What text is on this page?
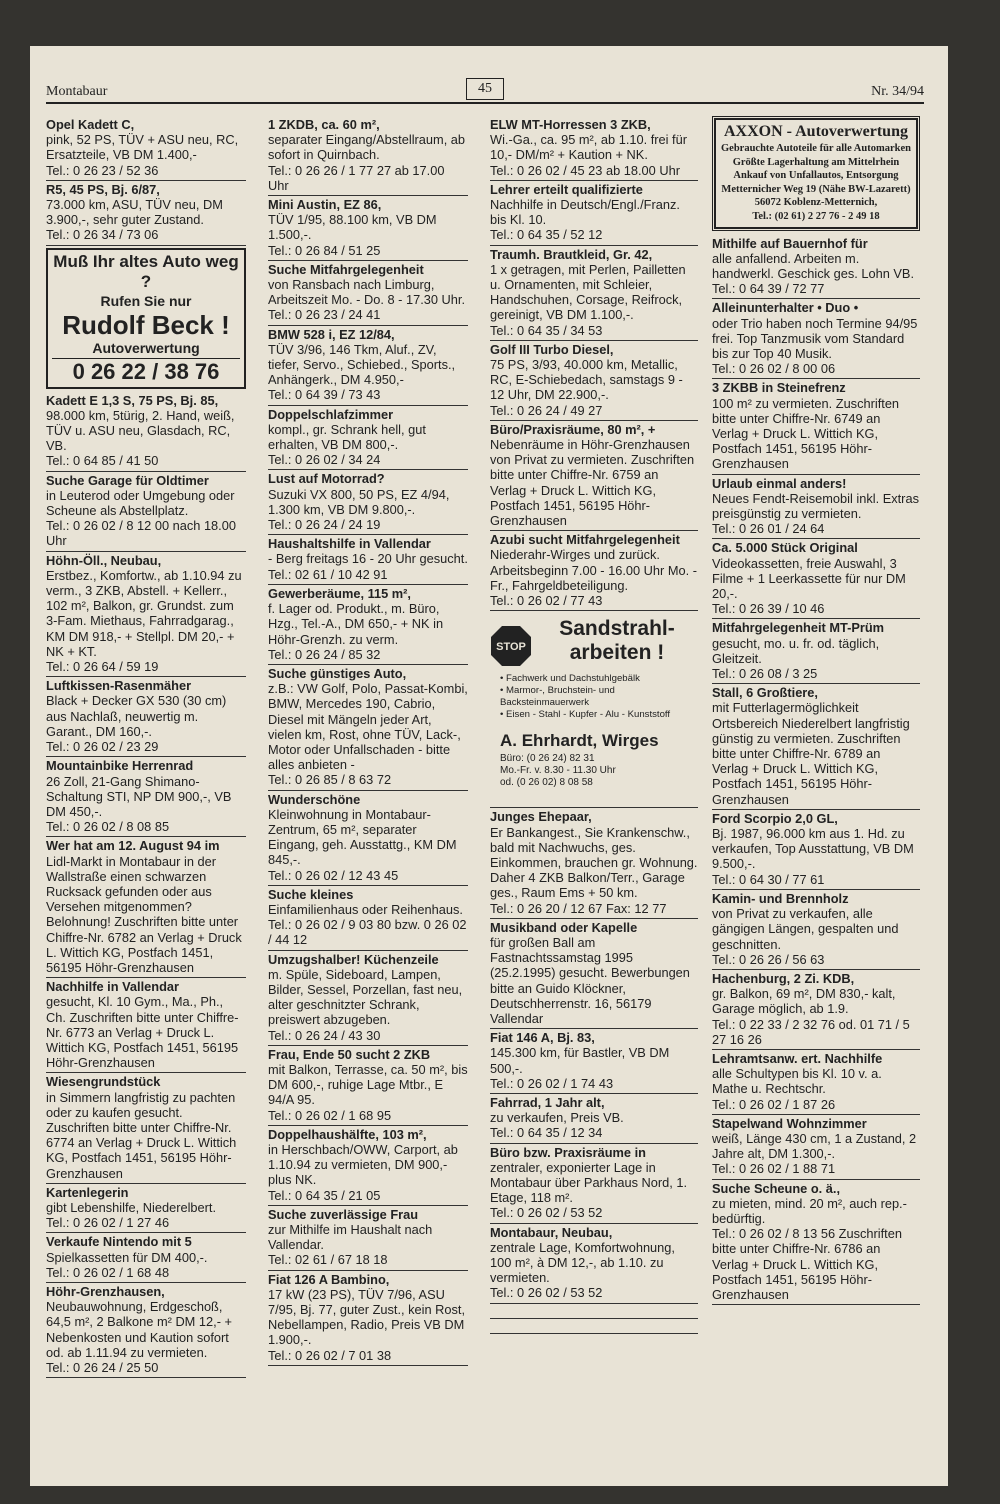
Montabaur	45	Nr. 34/94
Opel Kadett C,
pink, 52 PS, TÜV + ASU neu, RC, Ersatzteile, VB DM 1.400,-
Tel.: 0 26 23 / 52 36
R5, 45 PS, Bj. 6/87,
73.000 km, ASU, TÜV neu, DM 3.900,-, sehr guter Zustand.
Tel.: 0 26 34 / 73 06
Muß Ihr altes Auto weg ?
Rufen Sie nur
Rudolf Beck !
Autoverwertung
0 26 22 / 38 76
Kadett E 1,3 S, 75 PS, Bj. 85,
98.000 km, 5türig, 2. Hand, weiß, TÜV u. ASU neu, Glasdach, RC, VB.
Tel.: 0 64 85 / 41 50
Suche Garage für Oldtimer
in Leuterod oder Umgebung oder Scheune als Abstellplatz.
Tel.: 0 26 02 / 8 12 00 nach 18.00 Uhr
Höhn-Öll., Neubau,
Erstbez., Komfortw., ab 1.10.94 zu verm., 3 ZKB, Abstell. + Kellerr., 102 m², Balkon, gr. Grundst. zum 3-Fam. Miethaus, Fahrradgarag., KM DM 918,- + Stellpl. DM 20,- + NK + KT.
Tel.: 0 26 64 / 59 19
Luftkissen-Rasenmäher
Black + Decker GX 530 (30 cm) aus Nachlaß, neuwertig m. Garant., DM 160,-.
Tel.: 0 26 02 / 23 29
Mountainbike Herrenrad
26 Zoll, 21-Gang Shimano-Schaltung STI, NP DM 900,-, VB DM 450,-.
Tel.: 0 26 02 / 8 08 85
Wer hat am 12. August 94 im
Lidl-Markt in Montabaur in der Wallstraße einen schwarzen Rucksack gefunden oder aus Versehen mitgenommen? Belohnung! Zuschriften bitte unter Chiffre-Nr. 6782 an Verlag + Druck L. Wittich KG, Postfach 1451, 56195 Höhr-Grenzhausen
Nachhilfe in Vallendar
gesucht, Kl. 10 Gym., Ma., Ph., Ch. Zuschriften bitte unter Chiffre-Nr. 6773 an Verlag + Druck L. Wittich KG, Postfach 1451, 56195 Höhr-Grenzhausen
Wiesengrundstück
in Simmern langfristig zu pachten oder zu kaufen gesucht. Zuschriften bitte unter Chiffre-Nr. 6774 an Verlag + Druck L. Wittich KG, Postfach 1451, 56195 Höhr-Grenzhausen
Kartenlegerin
gibt Lebenshilfe, Niederelbert.
Tel.: 0 26 02 / 1 27 46
Verkaufe Nintendo mit 5
Spielkassetten für DM 400,-.
Tel.: 0 26 02 / 1 68 48
Höhr-Grenzhausen,
Neubauwohnung, Erdgeschoß, 64,5 m², 2 Balkone m² DM 12,- + Nebenkosten und Kaution sofort od. ab 1.11.94 zu vermieten.
Tel.: 0 26 24 / 25 50
1 ZKDB, ca. 60 m²,
separater Eingang/Abstellraum, ab sofort in Quirnbach.
Tel.: 0 26 26 / 1 77 27 ab 17.00 Uhr
Mini Austin, EZ 86,
TÜV 1/95, 88.100 km, VB DM 1.500,-.
Tel.: 0 26 84 / 51 25
Suche Mitfahrgelegenheit
von Ransbach nach Limburg, Arbeitszeit Mo. - Do. 8 - 17.30 Uhr.
Tel.: 0 26 23 / 24 41
BMW 528 i, EZ 12/84,
TÜV 3/96, 146 Tkm, Aluf., ZV, tiefer, Servo., Schiebed., Sports., Anhängerk., DM 4.950,-
Tel.: 0 64 39 / 73 43
Doppelschlafzimmer
kompl., gr. Schrank hell, gut erhalten, VB DM 800,-.
Tel.: 0 26 02 / 34 24
Lust auf Motorrad?
Suzuki VX 800, 50 PS, EZ 4/94, 1.300 km, VB DM 9.800,-.
Tel.: 0 26 24 / 24 19
Haushaltshilfe in Vallendar
- Berg freitags 16 - 20 Uhr gesucht.
Tel.: 02 61 / 10 42 91
Gewerberäume, 115 m²,
f. Lager od. Produkt., m. Büro, Hzg., Tel.-A., DM 650,- + NK in Höhr-Grenzh. zu verm.
Tel.: 0 26 24 / 85 32
Suche günstiges Auto,
z.B.: VW Golf, Polo, Passat-Kombi, BMW, Mercedes 190, Cabrio, Diesel mit Mängeln jeder Art, vielen km, Rost, ohne TÜV, Lack-, Motor oder Unfallschaden - bitte alles anbieten -
Tel.: 0 26 85 / 8 63 72
Wunderschöne
Kleinwohnung in Montabaur-Zentrum, 65 m², separater Eingang, geh. Ausstattg., KM DM 845,-.
Tel.: 0 26 02 / 12 43 45
Suche kleines
Einfamilienhaus oder Reihenhaus.
Tel.: 0 26 02 / 9 03 80 bzw. 0 26 02 / 44 12
Umzugshalber! Küchenzeile
m. Spüle, Sideboard, Lampen, Bilder, Sessel, Porzellan, fast neu, alter geschnitzter Schrank, preiswert abzugeben.
Tel.: 0 26 24 / 43 30
Frau, Ende 50 sucht 2 ZKB
mit Balkon, Terrasse, ca. 50 m², bis DM 600,-, ruhige Lage Mtbr., E 94/A 95.
Tel.: 0 26 02 / 1 68 95
Doppelhaushälfte, 103 m²,
in Herschbach/OWW, Carport, ab 1.10.94 zu vermieten, DM 900,- plus NK.
Tel.: 0 64 35 / 21 05
Suche zuverlässige Frau
zur Mithilfe im Haushalt nach Vallendar.
Tel.: 02 61 / 67 18 18
Fiat 126 A Bambino,
17 kW (23 PS), TÜV 7/96, ASU 7/95, Bj. 77, guter Zust., kein Rost, Nebellampen, Radio, Preis VB DM 1.900,-.
Tel.: 0 26 02 / 7 01 38
ELW MT-Horressen 3 ZKB,
Wi.-Ga., ca. 95 m², ab 1.10. frei für 10,- DM/m² + Kaution + NK.
Tel.: 0 26 02 / 45 23 ab 18.00 Uhr
Lehrer erteilt qualifizierte
Nachhilfe in Deutsch/Engl./Franz. bis Kl. 10.
Tel.: 0 64 35 / 52 12
Traumh. Brautkleid, Gr. 42,
1 x getragen, mit Perlen, Pailletten u. Ornamenten, mit Schleier, Handschuhen, Corsage, Reifrock, gereinigt, VB DM 1.100,-.
Tel.: 0 64 35 / 34 53
Golf III Turbo Diesel,
75 PS, 3/93, 40.000 km, Metallic, RC, E-Schiebedach, samstags 9 - 12 Uhr, DM 22.900,-.
Tel.: 0 26 24 / 49 27
Büro/Praxisräume, 80 m², +
Nebenräume in Höhr-Grenzhausen von Privat zu vermieten. Zuschriften bitte unter Chiffre-Nr. 6759 an Verlag + Druck L. Wittich KG, Postfach 1451, 56195 Höhr-Grenzhausen
Azubi sucht Mitfahrgelegenheit
Niederahr-Wirges und zurück. Arbeitsbeginn 7.00 - 16.00 Uhr Mo. - Fr., Fahrgeldbeteiligung.
Tel.: 0 26 02 / 77 43
STOP
Sandstrahl-arbeiten !
• Fachwerk und Dachstuhlgebälk
• Marmor-, Bruchstein- und Backsteinmauerwerk
• Eisen - Stahl - Kupfer - Alu - Kunststoff
A. Ehrhardt, Wirges
Büro: (0 26 24) 82 31
Mo.-Fr. v. 8.30 - 11.30 Uhr
od. (0 26 02) 8 08 58
Junges Ehepaar,
Er Bankangest., Sie Krankenschw., bald mit Nachwuchs, ges. Einkommen, brauchen gr. Wohnung. Daher 4 ZKB Balkon/Terr., Garage ges., Raum Ems + 50 km.
Tel.: 0 26 20 / 12 67 Fax: 12 77
Musikband oder Kapelle
für großen Ball am Fastnachtssamstag 1995 (25.2.1995) gesucht. Bewerbungen bitte an Guido Klöckner, Deutschherrenstr. 16, 56179 Vallendar
Fiat 146 A, Bj. 83,
145.300 km, für Bastler, VB DM 500,-.
Tel.: 0 26 02 / 1 74 43
Fahrrad, 1 Jahr alt,
zu verkaufen, Preis VB.
Tel.: 0 64 35 / 12 34
Büro bzw. Praxisräume in
zentraler, exponierter Lage in Montabaur über Parkhaus Nord, 1. Etage, 118 m².
Tel.: 0 26 02 / 53 52
Montabaur, Neubau,
zentrale Lage, Komfortwohnung, 100 m², à DM 12,-, ab 1.10. zu vermieten.
Tel.: 0 26 02 / 53 52
AXXON - Autoverwertung
Gebrauchte Autoteile für alle Automarken
Größte Lagerhaltung am Mittelrhein
Ankauf von Unfallautos, Entsorgung
Metternicher Weg 19 (Nähe BW-Lazarett)
56072 Koblenz-Metternich,
Tel.: (02 61) 2 27 76 - 2 49 18
Mithilfe auf Bauernhof für
alle anfallend. Arbeiten m. handwerkl. Geschick ges. Lohn VB.
Tel.: 0 64 39 / 72 77
Alleinunterhalter • Duo •
oder Trio haben noch Termine 94/95 frei. Top Tanzmusik vom Standard bis zur Top 40 Musik.
Tel.: 0 26 02 / 8 00 06
3 ZKBB in Steinefrenz
100 m² zu vermieten. Zuschriften bitte unter Chiffre-Nr. 6749 an Verlag + Druck L. Wittich KG, Postfach 1451, 56195 Höhr-Grenzhausen
Urlaub einmal anders!
Neues Fendt-Reisemobil inkl. Extras preisgünstig zu vermieten.
Tel.: 0 26 01 / 24 64
Ca. 5.000 Stück Original
Videokassetten, freie Auswahl, 3 Filme + 1 Leerkassette für nur DM 20,-.
Tel.: 0 26 39 / 10 46
Mitfahrgelegenheit MT-Prüm
gesucht, mo. u. fr. od. täglich, Gleitzeit.
Tel.: 0 26 08 / 3 25
Stall, 6 Großtiere,
mit Futterlagermöglichkeit Ortsbereich Niederelbert langfristig günstig zu vermieten. Zuschriften bitte unter Chiffre-Nr. 6789 an Verlag + Druck L. Wittich KG, Postfach 1451, 56195 Höhr-Grenzhausen
Ford Scorpio 2,0 GL,
Bj. 1987, 96.000 km aus 1. Hd. zu verkaufen, Top Ausstattung, VB DM 9.500,-.
Tel.: 0 64 30 / 77 61
Kamin- und Brennholz
von Privat zu verkaufen, alle gängigen Längen, gespalten und geschnitten.
Tel.: 0 26 26 / 56 63
Hachenburg, 2 Zi. KDB,
gr. Balkon, 69 m², DM 830,- kalt, Garage möglich, ab 1.9.
Tel.: 0 22 33 / 2 32 76 od. 01 71 / 5 27 16 26
Lehramtsanw. ert. Nachhilfe
alle Schultypen bis Kl. 10 v. a. Mathe u. Rechtschr.
Tel.: 0 26 02 / 1 87 26
Stapelwand Wohnzimmer
weiß, Länge 430 cm, 1 a Zustand, 2 Jahre alt, DM 1.300,-.
Tel.: 0 26 02 / 1 88 71
Suche Scheune o. ä.,
zu mieten, mind. 20 m², auch rep.-bedürftig.
Tel.: 0 26 02 / 8 13 56 Zuschriften bitte unter Chiffre-Nr. 6786 an Verlag + Druck L. Wittich KG, Postfach 1451, 56195 Höhr-Grenzhausen
